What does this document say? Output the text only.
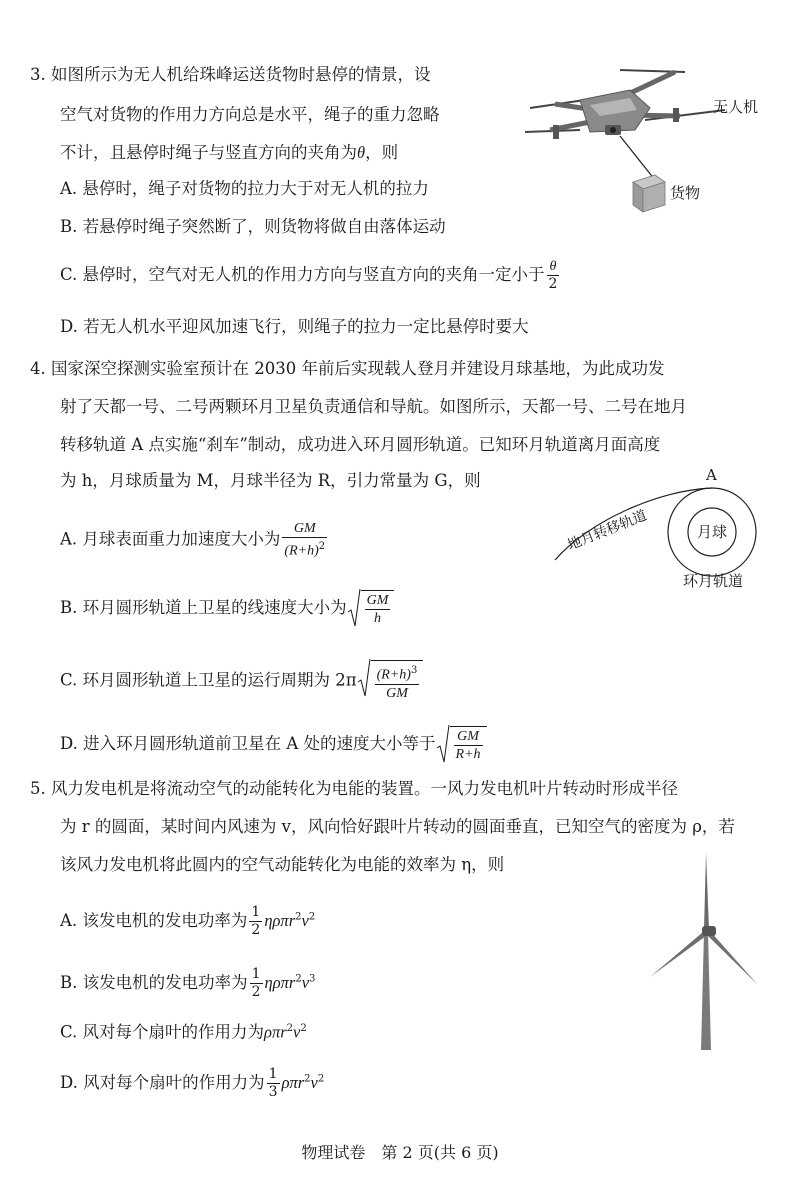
3. 如图所示为无人机给珠峰运送货物时悬停的情景，设
空气对货物的作用力方向总是水平，绳子的重力忽略
不计，且悬停时绳子与竖直方向的夹角为θ，则
A. 悬停时，绳子对货物的拉力大于对无人机的拉力
B. 若悬停时绳子突然断了，则货物将做自由落体运动
C. 悬停时，空气对无人机的作用力方向与竖直方向的夹角一定小于 $\frac{\theta}{2}$
D. 若无人机水平迎风加速飞行，则绳子的拉力一定比悬停时要大
无人机
货物
4. 国家深空探测实验室预计在 2030 年前后实现载人登月并建设月球基地，为此成功发
射了天都一号、二号两颗环月卫星负责通信和导航。如图所示，天都一号、二号在地月
转移轨道 A 点实施“刹车”制动，成功进入环月圆形轨道。已知环月轨道离月面高度
为 h，月球质量为 M，月球半径为 R，引力常量为 G，则
A. 月球表面重力加速度大小为 $\frac{GM}{(R+h)^2}$
B. 环月圆形轨道上卫星的线速度大小为 $\frac{GM}{h}$
C. 环月圆形轨道上卫星的运行周期为 $2\pi \frac{(R+h)^3}{GM}$
D. 进入环月圆形轨道前卫星在 A 处的速度大小等于 $\frac{GM}{R+h}$
A
地月转移轨道	月球
环月轨道
5. 风力发电机是将流动空气的动能转化为电能的装置。一风力发电机叶片转动时形成半径
为 r 的圆面，某时间内风速为 v，风向恰好跟叶片转动的圆面垂直，已知空气的密度为 ρ，若
该风力发电机将此圆内的空气动能转化为电能的效率为 η，则
A. 该发电机的发电功率为 $\frac{1}{2} \eta\rho\pi r^2v^2$
B. 该发电机的发电功率为 $\frac{1}{2} \eta\rho\pi r^2v^3$
C. 风对每个扇叶的作用力为$\rho\pi r^2v^2$
D. 风对每个扇叶的作用力为 $\frac{1}{3} \rho\pi r^2v^2$
物理试卷　第 2 页(共 6 页)
